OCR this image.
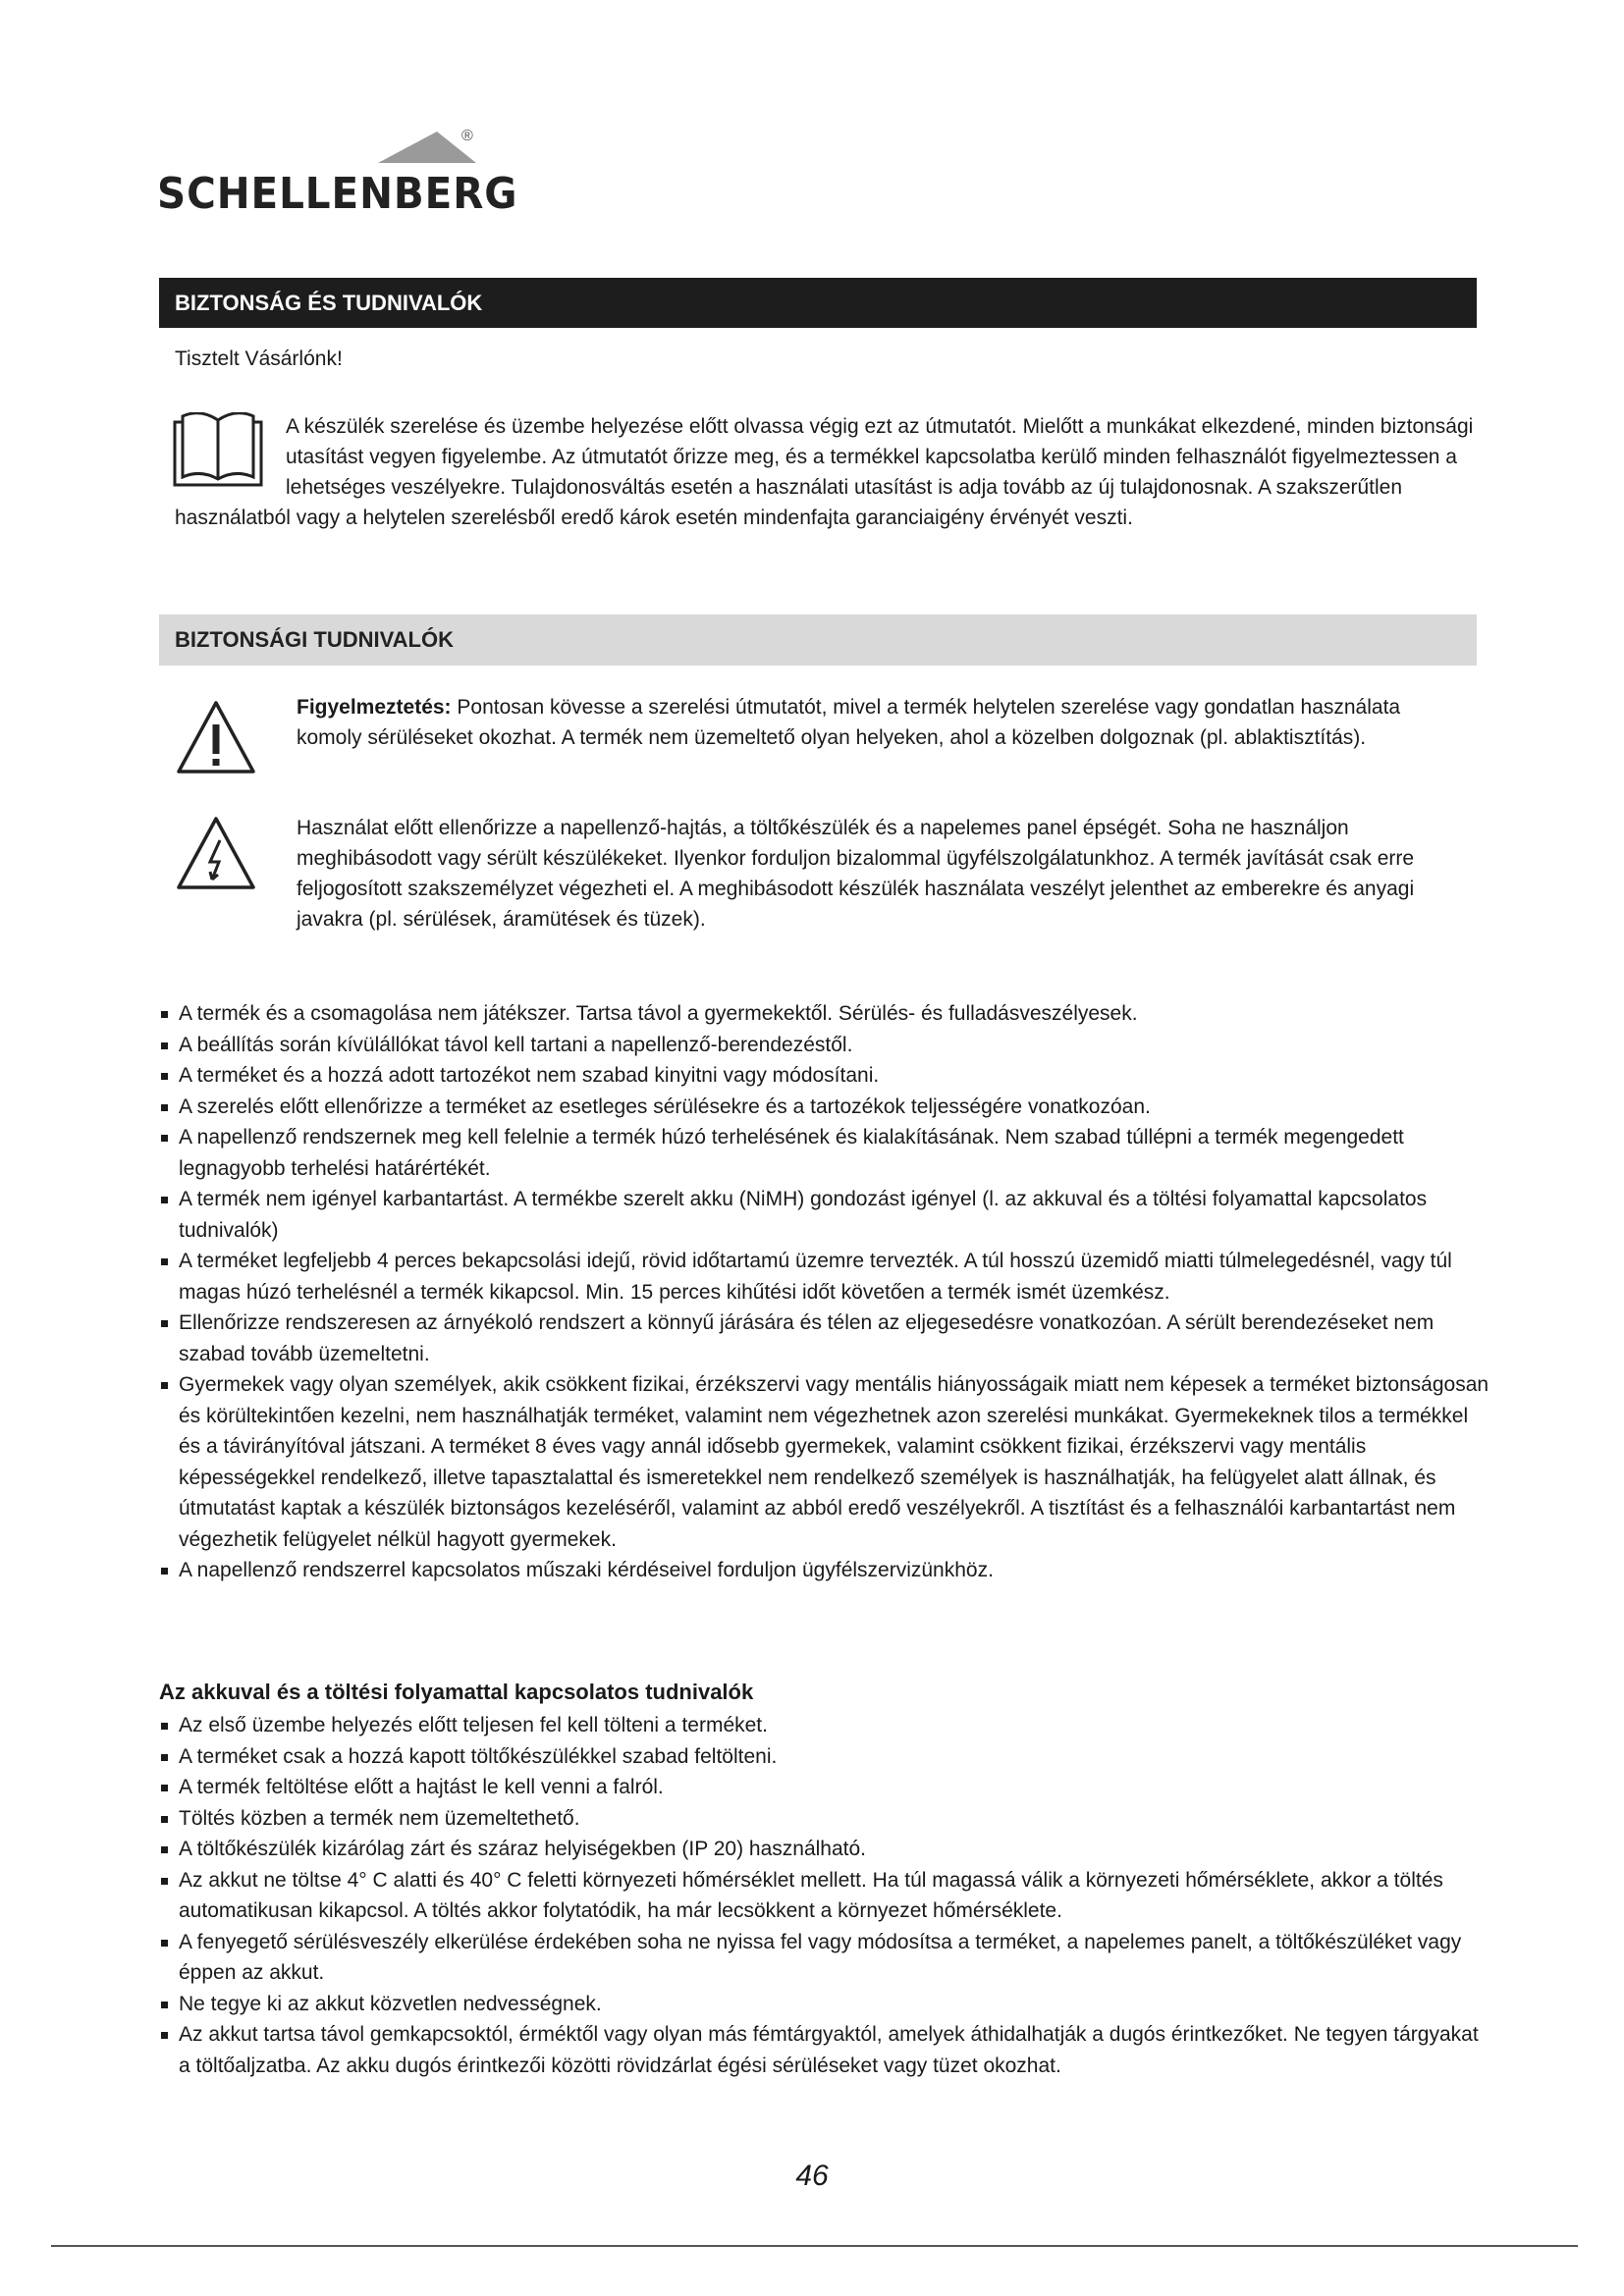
®
SCHELLENBERG
BIZTONSÁG ÉS TUDNIVALÓK
Tisztelt Vásárlónk!

A készülék szerelése és üzembe helyezése előtt olvassa végig ezt az útmutatót. Mielőtt a munkákat elkezdené, minden biztonsági utasítást vegyen figyelembe. Az útmutatót őrizze meg, és a termékkel kapcsolatba kerülő minden felhasználót figyelmeztessen a lehetséges veszélyekre. Tulajdonosváltás esetén a használati utasítást is adja tovább az új tulajdonosnak. A szakszerűtlen használatból vagy a helytelen szerelésből eredő károk esetén mindenfajta garanciaigény érvényét veszti.

BIZTONSÁGI TUDNIVALÓK

Figyelmeztetés: Pontosan kövesse a szerelési útmutatót, mivel a termék helytelen szerelése vagy gondatlan használata komoly sérüléseket okozhat. A termék nem üzemeltető olyan helyeken, ahol a közelben dolgoznak (pl. ablaktisztítás).

Használat előtt ellenőrizze a napellenző-hajtás, a töltőkészülék és a napelemes panel épségét. Soha ne használjon meghibásodott vagy sérült készülékeket. Ilyenkor forduljon bizalommal ügyfélszolgálatunkhoz. A termék javítását csak erre feljogosított szakszemélyzet végezheti el. A meghibásodott készülék használata veszélyt jelenthet az emberekre és anyagi javakra (pl. sérülések, áramütések és tüzek).

A termék és a csomagolása nem játékszer. Tartsa távol a gyermekektől. Sérülés- és fulladásveszélyesek.
A beállítás során kívülállókat távol kell tartani a napellenző-berendezéstől.
A terméket és a hozzá adott tartozékot nem szabad kinyitni vagy módosítani.
A szerelés előtt ellenőrizze a terméket az esetleges sérülésekre és a tartozékok teljességére vonatkozóan.
A napellenző rendszernek meg kell felelnie a termék húzó terhelésének és kialakításának. Nem szabad túllépni a termék megengedett legnagyobb terhelési határértékét.
A termék nem igényel karbantartást. A termékbe szerelt akku (NiMH) gondozást igényel (l. az akkuval és a töltési folyamattal kapcsolatos tudnivalók)
A terméket legfeljebb 4 perces bekapcsolási idejű, rövid időtartamú üzemre tervezték. A túl hosszú üzemidő miatti túlmelegedésnél, vagy túl magas húzó terhelésnél a termék kikapcsol. Min. 15 perces kihűtési időt követően a termék ismét üzemkész.
Ellenőrizze rendszeresen az árnyékoló rendszert a könnyű járására és télen az eljegesedésre vonatkozóan. A sérült berendezéseket nem szabad tovább üzemeltetni.
Gyermekek vagy olyan személyek, akik csökkent fizikai, érzékszervi vagy mentális hiányosságaik miatt nem képesek a terméket biztonságosan és körültekintően kezelni, nem használhatják terméket, valamint nem végezhetnek azon szerelési munkákat. Gyermekeknek tilos a termékkel és a távirányítóval játszani. A terméket 8 éves vagy annál idősebb gyermekek, valamint csökkent fizikai, érzékszervi vagy mentális képességekkel rendelkező, illetve tapasztalattal és ismeretekkel nem rendelkező személyek is használhatják, ha felügyelet alatt állnak, és útmutatást kaptak a készülék biztonságos kezeléséről, valamint az abból eredő veszélyekről. A tisztítást és a felhasználói karbantartást nem végezhetik felügyelet nélkül hagyott gyermekek.
A napellenző rendszerrel kapcsolatos műszaki kérdéseivel forduljon ügyfélszervizünkhöz.
Az akkuval és a töltési folyamattal kapcsolatos tudnivalók
Az első üzembe helyezés előtt teljesen fel kell tölteni a terméket.
A terméket csak a hozzá kapott töltőkészülékkel szabad feltölteni.
A termék feltöltése előtt a hajtást le kell venni a falról.
Töltés közben a termék nem üzemeltethető.
A töltőkészülék kizárólag zárt és száraz helyiségekben (IP 20) használható.
Az akkut ne töltse 4° C alatti és 40° C feletti környezeti hőmérséklet mellett. Ha túl magassá válik a környezeti hőmérséklete, akkor a töltés automatikusan kikapcsol. A töltés akkor folytatódik, ha már lecsökkent a környezet hőmérséklete.
A fenyegető sérülésveszély elkerülése érdekében soha ne nyissa fel vagy módosítsa a terméket, a napelemes panelt, a töltőkészüléket vagy éppen az akkut.
Ne tegye ki az akkut közvetlen nedvességnek.
Az akkut tartsa távol gemkapcsoktól, érméktől vagy olyan más fémtárgyaktól, amelyek áthidalhatják a dugós érintkezőket. Ne tegyen tárgyakat a töltőaljzatba. Az akku dugós érintkezői közötti rövidzárlat égési sérüléseket vagy tüzet okozhat.
46
